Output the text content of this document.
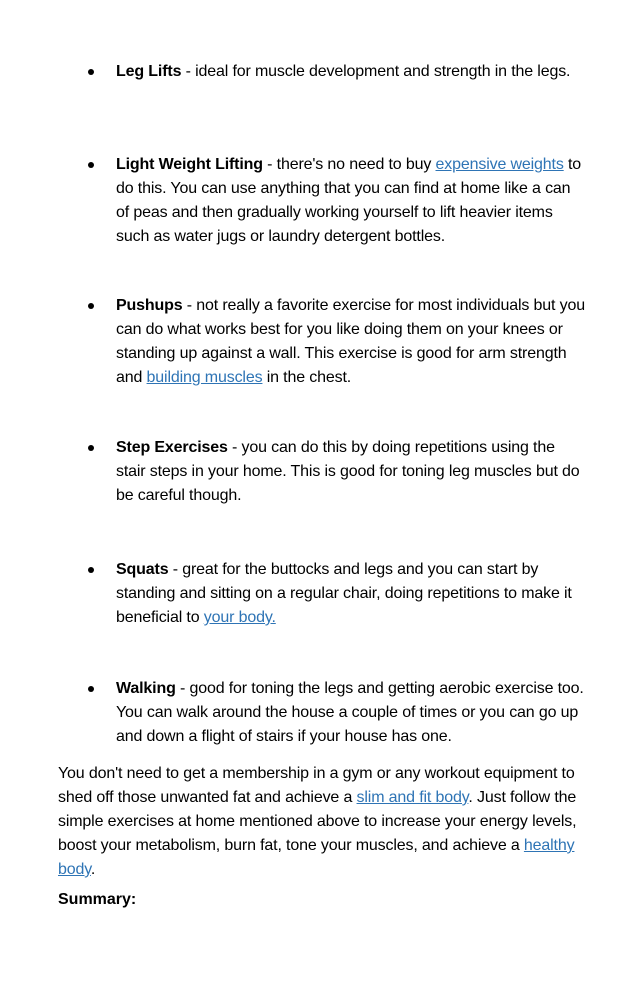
Leg Lifts - ideal for muscle development and strength in the legs.
Light Weight Lifting - there's no need to buy expensive weights to do this. You can use anything that you can find at home like a can of peas and then gradually working yourself to lift heavier items such as water jugs or laundry detergent bottles.
Pushups - not really a favorite exercise for most individuals but you can do what works best for you like doing them on your knees or standing up against a wall. This exercise is good for arm strength and building muscles in the chest.
Step Exercises - you can do this by doing repetitions using the stair steps in your home. This is good for toning leg muscles but do be careful though.
Squats - great for the buttocks and legs and you can start by standing and sitting on a regular chair, doing repetitions to make it beneficial to your body.
Walking - good for toning the legs and getting aerobic exercise too. You can walk around the house a couple of times or you can go up and down a flight of stairs if your house has one.

You don't need to get a membership in a gym or any workout equipment to shed off those unwanted fat and achieve a slim and fit body. Just follow the simple exercises at home mentioned above to increase your energy levels, boost your metabolism, burn fat, tone your muscles, and achieve a healthy body.

Summary:
